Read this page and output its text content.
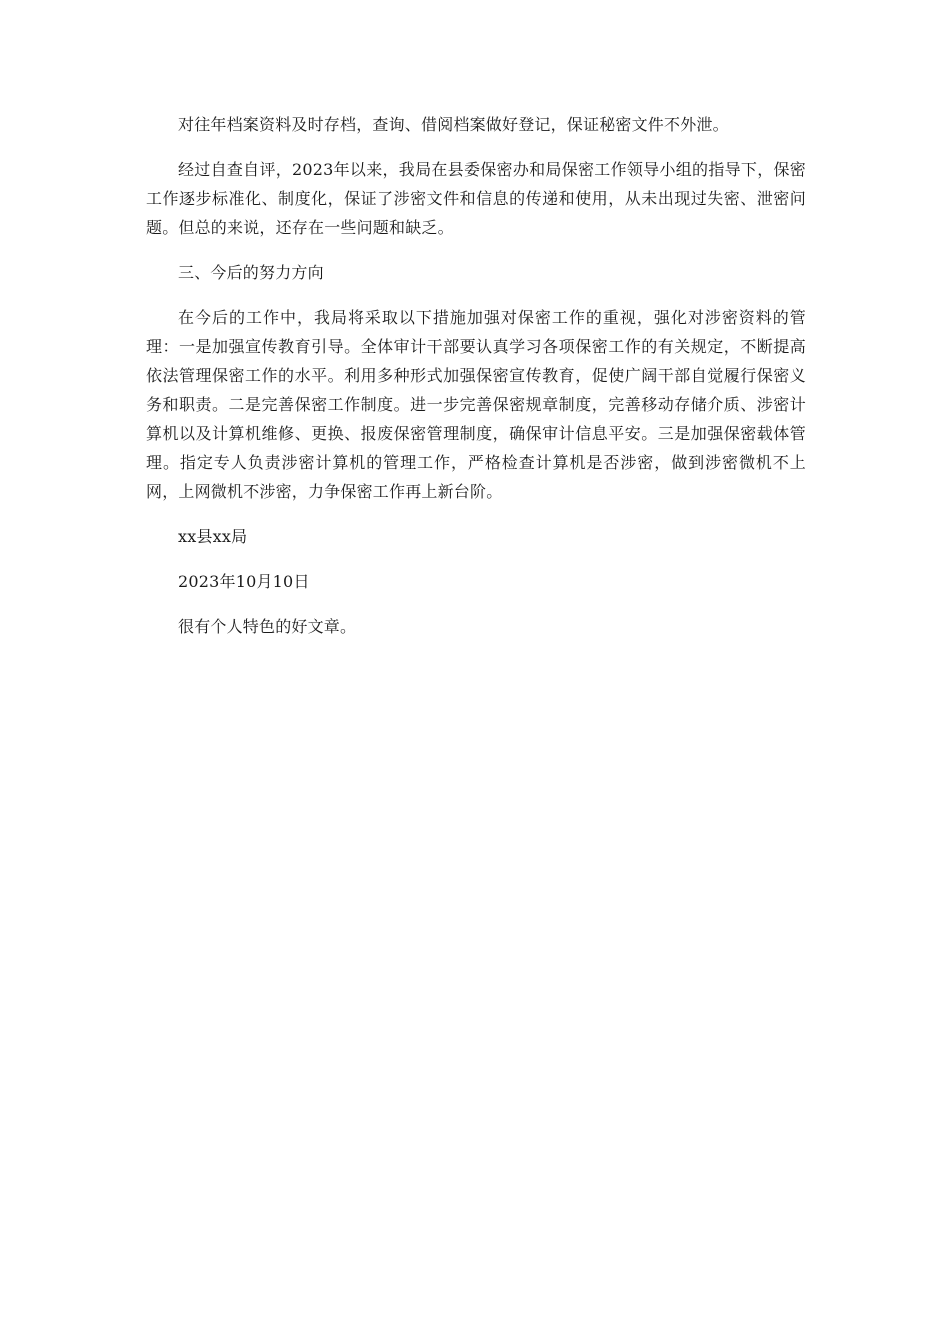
对往年档案资料及时存档，查询、借阅档案做好登记，保证秘密文件不外泄。

经过自查自评，2023年以来，我局在县委保密办和局保密工作领导小组的指导下，保密工作逐步标准化、制度化，保证了涉密文件和信息的传递和使用，从未出现过失密、泄密问题。但总的来说，还存在一些问题和缺乏。

三、今后的努力方向

在今后的工作中，我局将采取以下措施加强对保密工作的重视，强化对涉密资料的管理：一是加强宣传教育引导。全体审计干部要认真学习各项保密工作的有关规定，不断提高依法管理保密工作的水平。利用多种形式加强保密宣传教育，促使广阔干部自觉履行保密义务和职责。二是完善保密工作制度。进一步完善保密规章制度，完善移动存储介质、涉密计算机以及计算机维修、更换、报废保密管理制度，确保审计信息平安。三是加强保密载体管理。指定专人负责涉密计算机的管理工作，严格检查计算机是否涉密，做到涉密微机不上网，上网微机不涉密，力争保密工作再上新台阶。

xx县xx局

2023年10月10日

很有个人特色的好文章。
